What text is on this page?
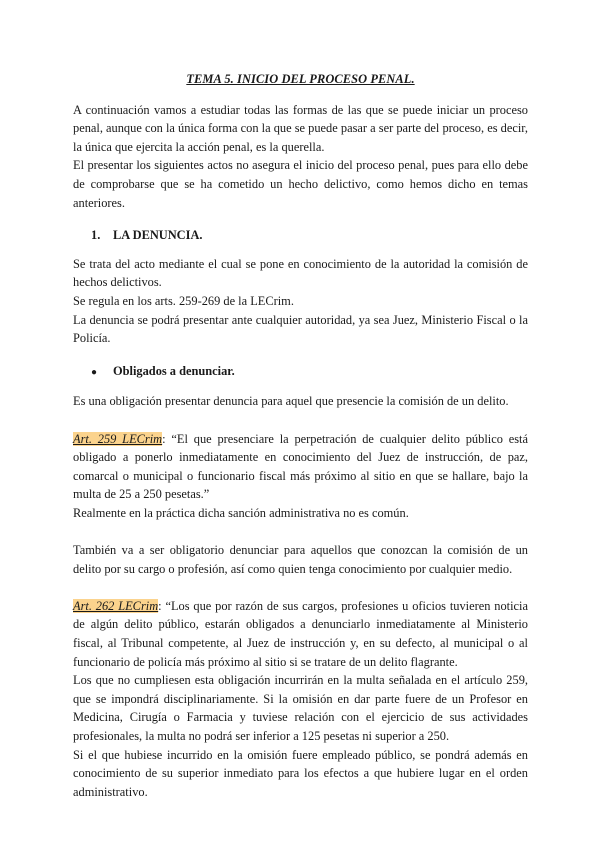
TEMA 5. INICIO DEL PROCESO PENAL.

A continuación vamos a estudiar todas las formas de las que se puede iniciar un proceso penal, aunque con la única forma con la que se puede pasar a ser parte del proceso, es decir, la única que ejercita la acción penal, es la querella.

El presentar los siguientes actos no asegura el inicio del proceso penal, pues para ello debe de comprobarse que se ha cometido un hecho delictivo, como hemos dicho en temas anteriores.

1. LA DENUNCIA.

Se trata del acto mediante el cual se pone en conocimiento de la autoridad la comisión de hechos delictivos.

Se regula en los arts. 259-269 de la LECrim.

La denuncia se podrá presentar ante cualquier autoridad, ya sea Juez, Ministerio Fiscal o la Policía.

● Obligados a denunciar.

Es una obligación presentar denuncia para aquel que presencie la comisión de un delito.

Art. 259 LECrim: “El que presenciare la perpetración de cualquier delito público está obligado a ponerlo inmediatamente en conocimiento del Juez de instrucción, de paz, comarcal o municipal o funcionario fiscal más próximo al sitio en que se hallare, bajo la multa de 25 a 250 pesetas.”

Realmente en la práctica dicha sanción administrativa no es común.

También va a ser obligatorio denunciar para aquellos que conozcan la comisión de un delito por su cargo o profesión, así como quien tenga conocimiento por cualquier medio.

Art. 262 LECrim: “Los que por razón de sus cargos, profesiones u oficios tuvieren noticia de algún delito público, estarán obligados a denunciarlo inmediatamente al Ministerio fiscal, al Tribunal competente, al Juez de instrucción y, en su defecto, al municipal o al funcionario de policía más próximo al sitio si se tratare de un delito flagrante.

Los que no cumpliesen esta obligación incurrirán en la multa señalada en el artículo 259, que se impondrá disciplinariamente. Si la omisión en dar parte fuere de un Profesor en Medicina, Cirugía o Farmacia y tuviese relación con el ejercicio de sus actividades profesionales, la multa no podrá ser inferior a 125 pesetas ni superior a 250.

Si el que hubiese incurrido en la omisión fuere empleado público, se pondrá además en conocimiento de su superior inmediato para los efectos a que hubiere lugar en el orden administrativo.
